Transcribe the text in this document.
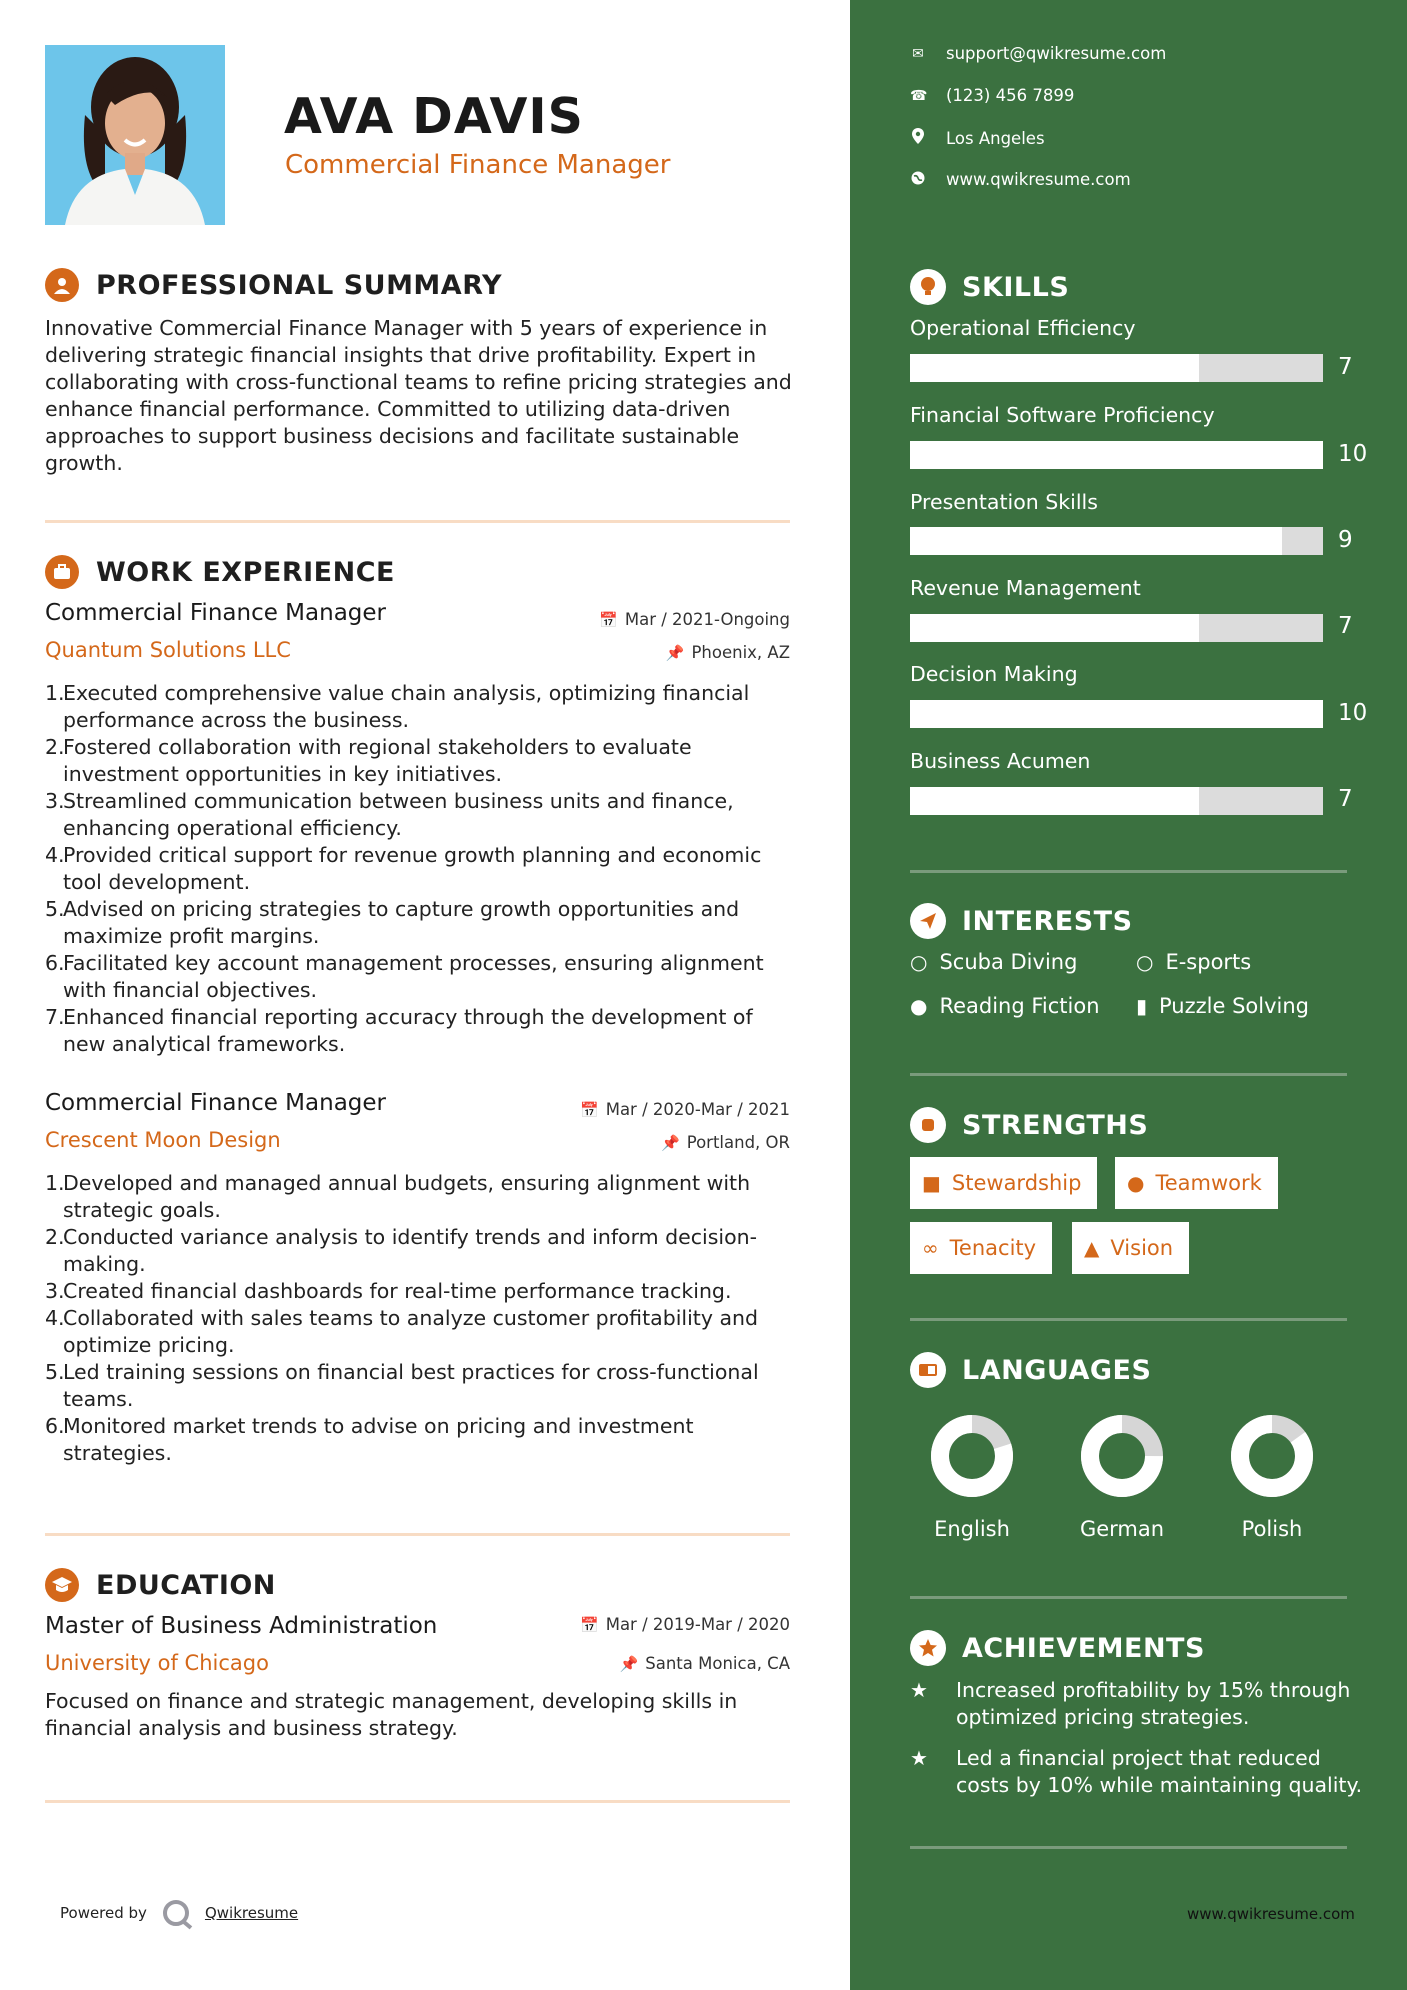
AVA DAVIS
Commercial Finance Manager
PROFESSIONAL SUMMARY
Innovative Commercial Finance Manager with 5 years of experience in delivering strategic financial insights that drive profitability. Expert in collaborating with cross-functional teams to refine pricing strategies and enhance financial performance. Committed to utilizing data-driven approaches to support business decisions and facilitate sustainable growth.
WORK EXPERIENCE
Commercial Finance Manager	📅 Mar / 2021-Ongoing
Quantum Solutions LLC	📌 Phoenix, AZ
1.
Executed comprehensive value chain analysis, optimizing financial performance across the business.
2.
Fostered collaboration with regional stakeholders to evaluate investment opportunities in key initiatives.
3.
Streamlined communication between business units and finance, enhancing operational efficiency.
4.
Provided critical support for revenue growth planning and economic tool development.
5.
Advised on pricing strategies to capture growth opportunities and maximize profit margins.
6.
Facilitated key account management processes, ensuring alignment with financial objectives.
7.
Enhanced financial reporting accuracy through the development of new analytical frameworks.
Commercial Finance Manager	📅 Mar / 2020-Mar / 2021
Crescent Moon Design	📌 Portland, OR
1.
Developed and managed annual budgets, ensuring alignment with strategic goals.
2.
Conducted variance analysis to identify trends and inform decision-making.
3.
Created financial dashboards for real-time performance tracking.
4.
Collaborated with sales teams to analyze customer profitability and optimize pricing.
5.
Led training sessions on financial best practices for cross-functional teams.
6.
Monitored market trends to advise on pricing and investment strategies.
EDUCATION
Master of Business Administration	📅 Mar / 2019-Mar / 2020
University of Chicago	📌 Santa Monica, CA
Focused on finance and strategic management, developing skills in financial analysis and business strategy.
Powered by	Qwikresume
✉ support@qwikresume.com
☎ (123) 456 7899
Los Angeles
www.qwikresume.com
SKILLS
Operational Efficiency
7
Financial Software Proficiency
10
Presentation Skills
9
Revenue Management
7
Decision Making
10
Business Acumen
7
INTERESTS
○ Scuba Diving	○ E-sports
● Reading Fiction ▮ Puzzle Solving
STRENGTHS
■ Stewardship ● Teamwork
∞ Tenacity ▲ Vision
LANGUAGES
English	German	Polish
ACHIEVEMENTS
★	Increased profitability by 15% through optimized pricing strategies.
★	Led a financial project that reduced costs by 10% while maintaining quality.
www.qwikresume.com
